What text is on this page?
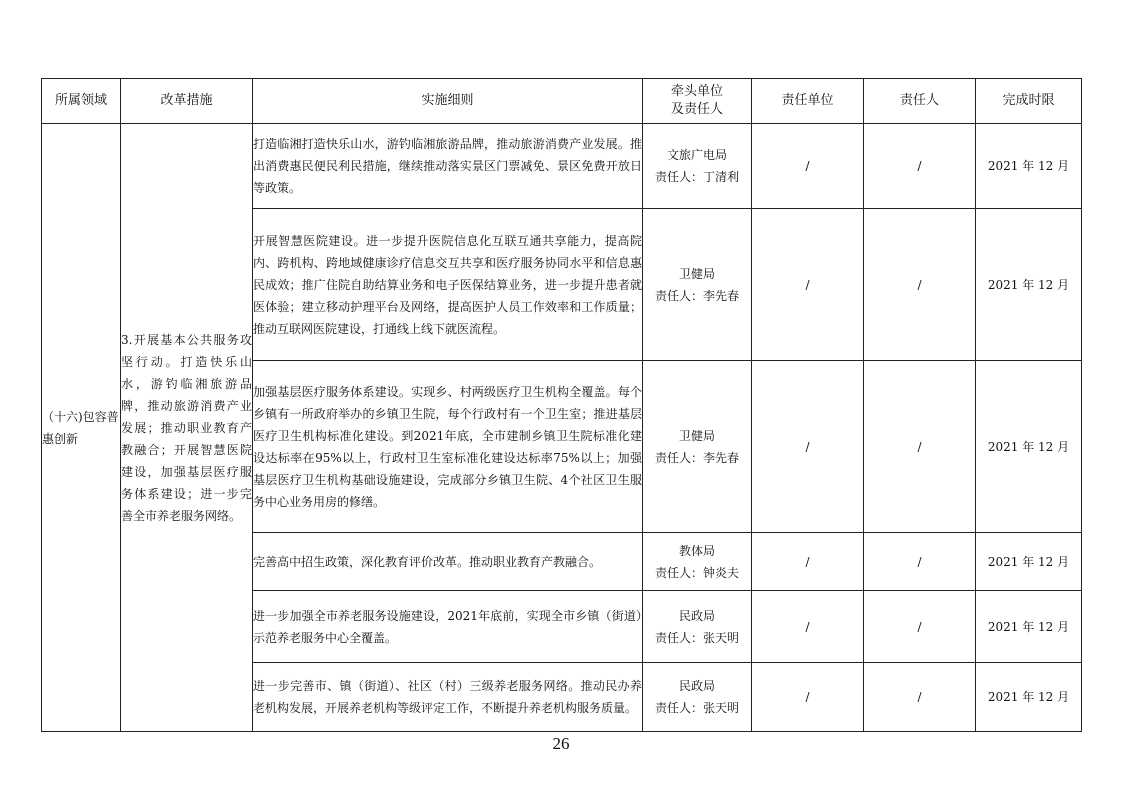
所属领域	改革措施	实施细则	牵头单位
及责任人	责任单位	责任人	完成时限
（十六)包容普惠创新	3.开展基本公共服务攻坚行动。打造快乐山水，游钓临湘旅游品牌，推动旅游消费产业发展；推动职业教育产教融合；开展智慧医院建设，加强基层医疗服务体系建设；进一步完善全市养老服务网络。	打造临湘打造快乐山水，游钓临湘旅游品牌，推动旅游消费产业发展。推出消费惠民便民利民措施，继续推动落实景区门票减免、景区免费开放日等政策。	文旅广电局
责任人：丁清利	/	/	2021 年 12 月
		开展智慧医院建设。进一步提升医院信息化互联互通共享能力，提高院内、跨机构、跨地域健康诊疗信息交互共享和医疗服务协同水平和信息惠民成效；推广住院自助结算业务和电子医保结算业务，进一步提升患者就医体验；建立移动护理平台及网络，提高医护人员工作效率和工作质量；推动互联网医院建设，打通线上线下就医流程。	卫健局
责任人：李先春	/	/	2021 年 12 月
		加强基层医疗服务体系建设。实现乡、村两级医疗卫生机构全覆盖。每个乡镇有一所政府举办的乡镇卫生院，每个行政村有一个卫生室；推进基层医疗卫生机构标准化建设。到2021年底，全市建制乡镇卫生院标准化建设达标率在95%以上，行政村卫生室标准化建设达标率75%以上；加强基层医疗卫生机构基础设施建设，完成部分乡镇卫生院、4个社区卫生服务中心业务用房的修缮。	卫健局
责任人：李先春	/	/	2021 年 12 月
		完善高中招生政策，深化教育评价改革。推动职业教育产教融合。	教体局
责任人：钟炎夫	/	/	2021 年 12 月
		进一步加强全市养老服务设施建设，2021年底前，实现全市乡镇（街道）示范养老服务中心全覆盖。	民政局
责任人：张天明	/	/	2021 年 12 月
		进一步完善市、镇（街道）、社区（村）三级养老服务网络。推动民办养老机构发展，开展养老机构等级评定工作，不断提升养老机构服务质量。	民政局
责任人：张天明	/	/	2021 年 12 月
26
